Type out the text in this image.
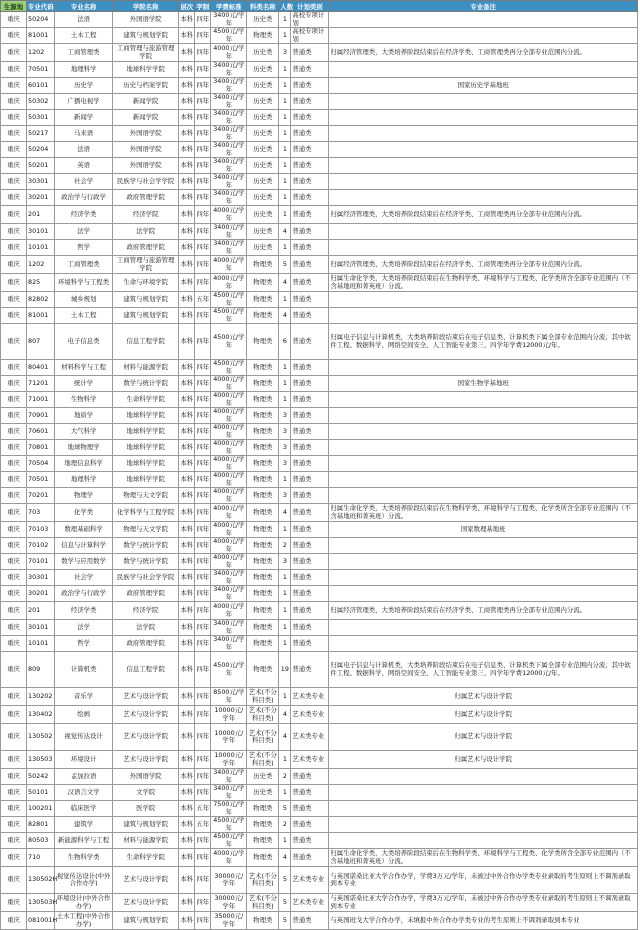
生源地	专业代码	专业名称	学院名称	层次	学制	学费标准	科类名称	人数	计划类别	专业备注
重庆	50204	法语	外国语学院	本科	四年	3400元/学年	历史类	1	高校专项计划	
重庆	81001	土木工程	建筑与规划学院	本科	四年	4500元/学年	物理类	1	高校专项计划	
重庆	1202	工商管理类	工商管理与旅游管理学院	本科	四年	4000元/学年	历史类	3	普通类	归属经济管理类，大类培养阶段结束后在经济学类、工商管理类再分全部专业范围内分流。
重庆	70501	地理科学	地球科学学院	本科	四年	3400元/学年	历史类	1	普通类	
重庆	60101	历史学	历史与档案学院	本科	四年	3400元/学年	历史类	1	普通类	国家历史学基地班
重庆	50302	广播电视学	新闻学院	本科	四年	3400元/学年	历史类	1	普通类	
重庆	50301	新闻学	新闻学院	本科	四年	3400元/学年	历史类	1	普通类	
重庆	50217	马来语	外国语学院	本科	四年	3400元/学年	历史类	1	普通类	
重庆	50204	法语	外国语学院	本科	四年	3400元/学年	历史类	1	普通类	
重庆	50201	英语	外国语学院	本科	四年	3400元/学年	历史类	1	普通类	
重庆	30301	社会学	民族学与社会学学院	本科	四年	3400元/学年	历史类	1	普通类	
重庆	30201	政治学与行政学	政府管理学院	本科	四年	3400元/学年	历史类	1	普通类	
重庆	201	经济学类	经济学院	本科	四年	4000元/学年	历史类	1	普通类	归属经济管理类，大类培养阶段结束后在经济学类、工商管理类再分全部专业范围内分流。
重庆	30101	法学	法学院	本科	四年	3400元/学年	历史类	4	普通类	
重庆	10101	哲学	政府管理学院	本科	四年	3400元/学年	历史类	1	普通类	
重庆	1202	工商管理类	工商管理与旅游管理学院	本科	四年	4000元/学年	物理类	5	普通类	归属经济管理类，大类培养阶段结束后在经济学类、工商管理类再分全部专业范围内分流。
重庆	825	环境科学与工程类	生命与环境学院	本科	四年	4000元/学年	物理类	4	普通类	归属生命化学类，大类培养阶段结束后在生物科学类、环境科学与工程类、化学类所含全部专业范围内（不含基地班和菁英班）分流。
重庆	82802	城乡规划	建筑与规划学院	本科	五年	4500元/学年	物理类	1	普通类	
重庆	81001	土木工程	建筑与规划学院	本科	四年	4500元/学年	物理类	4	普通类	
重庆	807	电子信息类	信息工程学院	本科	四年	4500元/学年	物理类	6	普通类	归属电子信息与计算机类，大类培养阶段结束后在电子信息类、计算机类下属全部专业范围内分流；其中软件工程、数据科学、网络空间安全、人工智能专业第三、四学年学费12000元/年。
重庆	80401	材料科学与工程	材料与能源学院	本科	四年	4500元/学年	物理类	1	普通类	
重庆	71201	统计学	数学与统计学院	本科	四年	4000元/学年	物理类	1	普通类	国家生物学基地班
重庆	71001	生物科学	生命科学学院	本科	四年	4000元/学年	物理类	1	普通类	
重庆	70901	地质学	地球科学学院	本科	四年	4000元/学年	物理类	3	普通类	
重庆	70601	大气科学	地球科学学院	本科	四年	4000元/学年	物理类	3	普通类	
重庆	70801	地球物理学	地球科学学院	本科	四年	4000元/学年	物理类	3	普通类	
重庆	70504	地理信息科学	地球科学学院	本科	四年	4000元/学年	物理类	3	普通类	
重庆	70501	地理科学	地球科学学院	本科	四年	4000元/学年	物理类	1	普通类	
重庆	70201	物理学	物理与天文学院	本科	四年	4000元/学年	物理类	3	普通类	
重庆	703	化学类	化学科学与工程学院	本科	四年	4000元/学年	物理类	4	普通类	归属生命化学类，大类培养阶段结束后在生物科学类、环境科学与工程类、化学类所含全部专业范围内（不含基地班和菁英班）分流。
重庆	70103	数理基础科学	物理与天文学院	本科	四年	4000元/学年	物理类	1	普通类	国家数理基地班
重庆	70102	信息与计算科学	数学与统计学院	本科	四年	4000元/学年	物理类	2	普通类	
重庆	70101	数学与应用数学	数学与统计学院	本科	四年	4000元/学年	物理类	3	普通类	
重庆	30301	社会学	民族学与社会学学院	本科	四年	3400元/学年	物理类	1	普通类	
重庆	30201	政治学与行政学	政府管理学院	本科	四年	3400元/学年	物理类	1	普通类	
重庆	201	经济学类	经济学院	本科	四年	4000元/学年	物理类	1	普通类	归属经济管理类，大类培养阶段结束后在经济学类、工商管理类再分全部专业范围内分流。
重庆	30101	法学	法学院	本科	四年	3400元/学年	物理类	1	普通类	
重庆	10101	哲学	政府管理学院	本科	四年	3400元/学年	物理类	1	普通类	
重庆	809	计算机类	信息工程学院	本科	四年	4500元/学年	物理类	19	普通类	归属电子信息与计算机类，大类培养阶段结束后在电子信息类、计算机类下属全部专业范围内分流；其中软件工程、数据科学、网络空间安全、人工智能专业第三、四学年学费12000元/年。
重庆	130202	音乐学	艺术与设计学院	本科	四年	8500元/学年	艺术(不分科目类)	1	艺术类专业	归属艺术与设计学院
重庆	130402	绘画	艺术与设计学院	本科	四年	10000元/学年	艺术(不分科目类)	4	艺术类专业	归属艺术与设计学院
重庆	130502	视觉传达设计	艺术与设计学院	本科	四年	10000元/学年	艺术(不分科目类)	4	艺术类专业	归属艺术与设计学院
重庆	130503	环境设计	艺术与设计学院	本科	四年	10000元/学年	艺术(不分科目类)	1	艺术类专业	归属艺术与设计学院
重庆	50242	孟加拉语	外国语学院	本科	四年	3400元/学年	历史类	2	普通类	
重庆	50101	汉语言文学	文学院	本科	四年	3400元/学年	历史类	1	普通类	
重庆	100201	临床医学	医学院	本科	五年	7500元/学年	物理类	5	普通类	
重庆	82801	建筑学	建筑与规划学院	本科	五年	4500元/学年	物理类	2	普通类	
重庆	80503	新能源科学与工程	材料与能源学院	本科	四年	4500元/学年	物理类	1	普通类	
重庆	710	生物科学类	生命科学学院	本科	四年	4000元/学年	物理类	4	普通类	归属生命化学类，大类培养阶段结束后在生物科学类、环境科学与工程类、化学类所含全部专业范围内（不含基地班和菁英班）分流。
重庆	130502H	视觉传达设计(中外合作办学)	艺术与设计学院	本科	四年	30000元/学年	艺术(不分科目类)	5	艺术类专业	与英国诺桑比亚大学合作办学，学费3万元/学年，未被过中外合作办学类专业录取的考生原则上不调剂录取到本专业
重庆	130503H	环境设计(中外合作办学)	艺术与设计学院	本科	四年	30000元/学年	艺术(不分科目类)	5	艺术类专业	与英国诺桑比亚大学合作办学，学费3万元/学年，未被过中外合作办学类专业录取的考生原则上不调剂录取到本专业
重庆	081001H	土木工程(中外合作办学)	建筑与规划学院	本科	四年	35000元/学年	物理类	5	普通类	与英国班戈大学合作办学，未填报中外合作办学类专业的考生原则上不调剂录取到本专业
